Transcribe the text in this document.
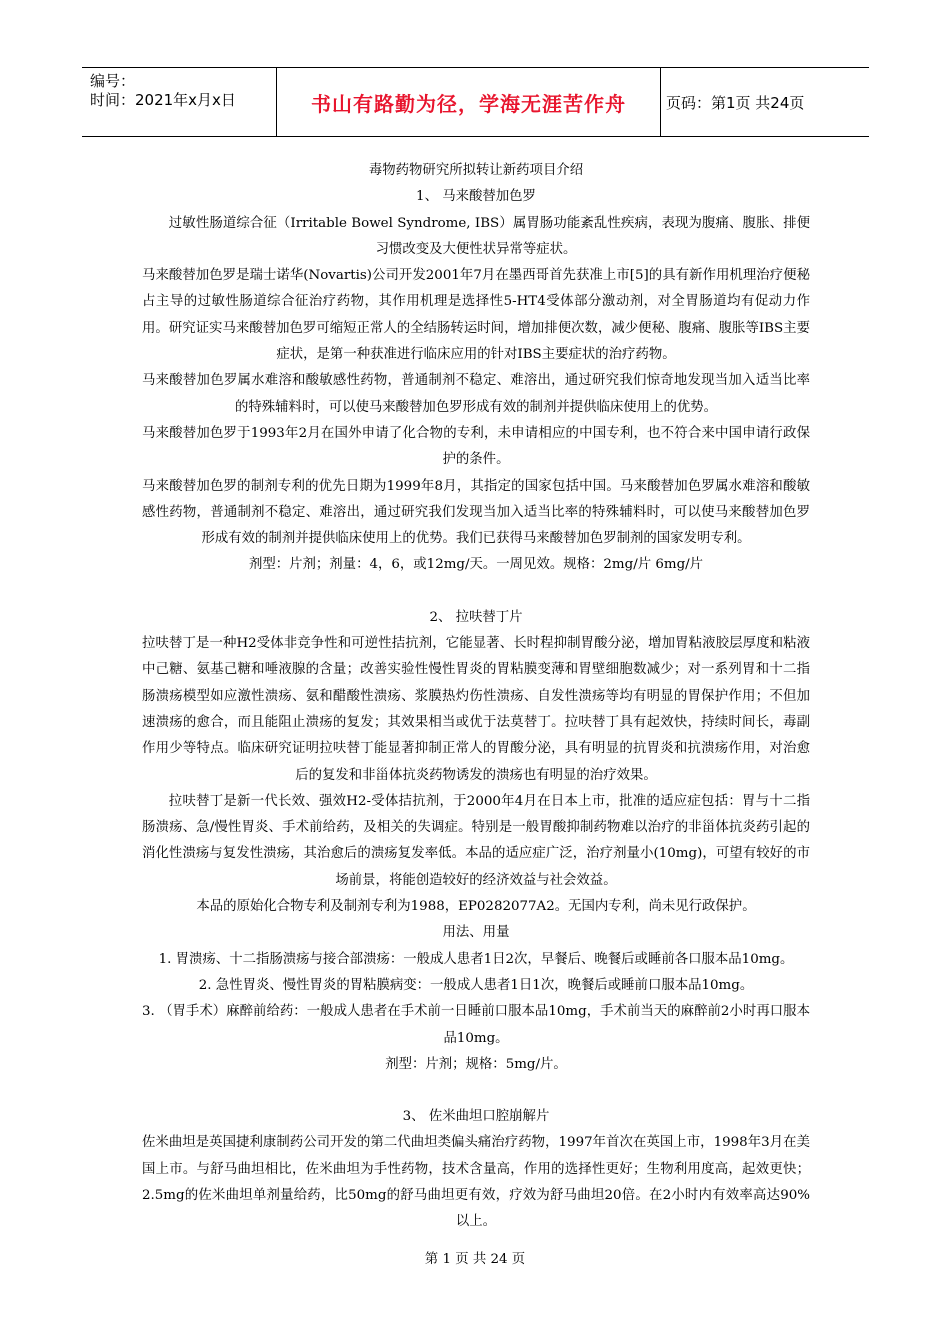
编号：
时间：2021年x月x日	书山有路勤为径，学海无涯苦作舟	页码：第1页 共24页

毒物药物研究所拟转让新药项目介绍

1、 马来酸替加色罗

过敏性肠道综合征（Irritable Bowel Syndrome, IBS）属胃肠功能紊乱性疾病，表现为腹痛、腹胀、排便习惯改变及大便性状异常等症状。

马来酸替加色罗是瑞士诺华(Novartis)公司开发2001年7月在墨西哥首先获准上市[5]的具有新作用机理治疗便秘占主导的过敏性肠道综合征治疗药物，其作用机理是选择性5-HT4受体部分激动剂，对全胃肠道均有促动力作用。研究证实马来酸替加色罗可缩短正常人的全结肠转运时间，增加排便次数，减少便秘、腹痛、腹胀等IBS主要症状，是第一种获准进行临床应用的针对IBS主要症状的治疗药物。

马来酸替加色罗属水难溶和酸敏感性药物，普通制剂不稳定、难溶出，通过研究我们惊奇地发现当加入适当比率的特殊辅料时，可以使马来酸替加色罗形成有效的制剂并提供临床使用上的优势。

马来酸替加色罗于1993年2月在国外申请了化合物的专利，未申请相应的中国专利，也不符合来中国申请行政保护的条件。

马来酸替加色罗的制剂专利的优先日期为1999年8月，其指定的国家包括中国。马来酸替加色罗属水难溶和酸敏感性药物，普通制剂不稳定、难溶出，通过研究我们发现当加入适当比率的特殊辅料时，可以使马来酸替加色罗形成有效的制剂并提供临床使用上的优势。我们已获得马来酸替加色罗制剂的国家发明专利。

剂型：片剂；剂量：4，6，或12mg/天。一周见效。规格：2mg/片 6mg/片

2、 拉呋替丁片

拉呋替丁是一种H2受体非竞争性和可逆性拮抗剂，它能显著、长时程抑制胃酸分泌，增加胃粘液胶层厚度和粘液中己糖、氨基己糖和唾液腺的含量；改善实验性慢性胃炎的胃粘膜变薄和胃壁细胞数减少；对一系列胃和十二指肠溃疡模型如应激性溃疡、氨和醋酸性溃疡、浆膜热灼伤性溃疡、自发性溃疡等均有明显的胃保护作用；不但加速溃疡的愈合，而且能阻止溃疡的复发；其效果相当或优于法莫替丁。拉呋替丁具有起效快，持续时间长，毒副作用少等特点。临床研究证明拉呋替丁能显著抑制正常人的胃酸分泌，具有明显的抗胃炎和抗溃疡作用，对治愈后的复发和非甾体抗炎药物诱发的溃疡也有明显的治疗效果。

拉呋替丁是新一代长效、强效H2-受体拮抗剂，于2000年4月在日本上市，批准的适应症包括：胃与十二指肠溃疡、急/慢性胃炎、手术前给药，及相关的失调症。特别是一般胃酸抑制药物难以治疗的非甾体抗炎药引起的消化性溃疡与复发性溃疡，其治愈后的溃疡复发率低。本品的适应症广泛，治疗剂量小(10mg)，可望有较好的市场前景，将能创造较好的经济效益与社会效益。

本品的原始化合物专利及制剂专利为1988，EP0282077A2。无国内专利，尚未见行政保护。

用法、用量

1. 胃溃疡、十二指肠溃疡与接合部溃疡：一般成人患者1日2次，早餐后、晚餐后或睡前各口服本品10mg。

2. 急性胃炎、慢性胃炎的胃粘膜病变：一般成人患者1日1次，晚餐后或睡前口服本品10mg。

3. （胃手术）麻醉前给药：一般成人患者在手术前一日睡前口服本品10mg，手术前当天的麻醉前2小时再口服本品10mg。

剂型：片剂；规格：5mg/片。

3、 佐米曲坦口腔崩解片

佐米曲坦是英国捷利康制药公司开发的第二代曲坦类偏头痛治疗药物，1997年首次在英国上市，1998年3月在美国上市。与舒马曲坦相比，佐米曲坦为手性药物，技术含量高，作用的选择性更好；生物利用度高，起效更快；2.5mg的佐米曲坦单剂量给药，比50mg的舒马曲坦更有效，疗效为舒马曲坦20倍。在2小时内有效率高达90%以上。

第 1 页 共 24 页
